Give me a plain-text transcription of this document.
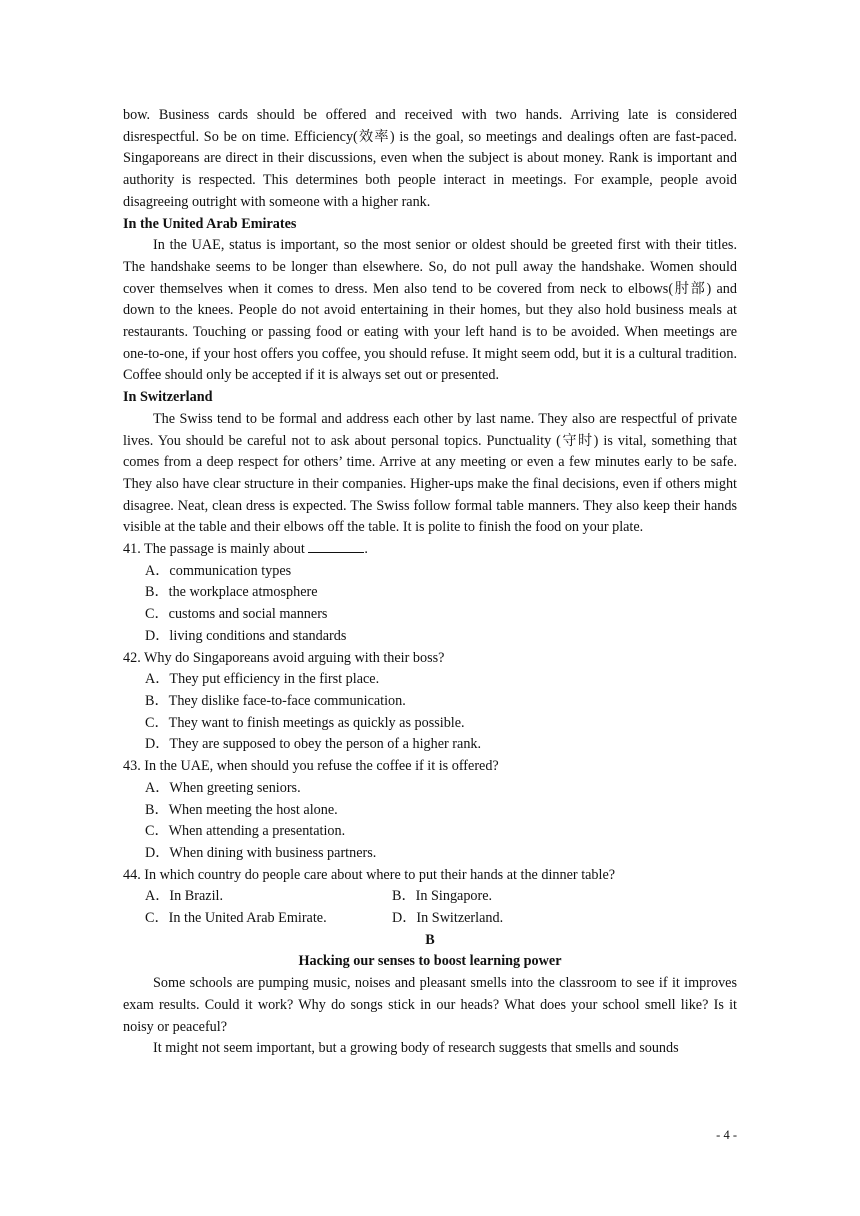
bow. Business cards should be offered and received with two hands. Arriving late is considered disrespectful. So be on time. Efficiency(效率) is the goal, so meetings and dealings often are fast-paced. Singaporeans are direct in their discussions, even when the subject is about money. Rank is important and authority is respected. This determines both people interact in meetings. For example, people avoid disagreeing outright with someone with a higher rank.

In the United Arab Emirates

In the UAE, status is important, so the most senior or oldest should be greeted first with their titles. The handshake seems to be longer than elsewhere. So, do not pull away the handshake. Women should cover themselves when it comes to dress. Men also tend to be covered from neck to elbows(肘部) and down to the knees. People do not avoid entertaining in their homes, but they also hold business meals at restaurants. Touching or passing food or eating with your left hand is to be avoided. When meetings are one-to-one, if your host offers you coffee, you should refuse. It might seem odd, but it is a cultural tradition. Coffee should only be accepted if it is always set out or presented.

In Switzerland

The Swiss tend to be formal and address each other by last name. They also are respectful of private lives. You should be careful not to ask about personal topics. Punctuality (守时) is vital, something that comes from a deep respect for others’ time. Arrive at any meeting or even a few minutes early to be safe. They also have clear structure in their companies. Higher-ups make the final decisions, even if others might disagree. Neat, clean dress is expected. The Swiss follow formal table manners. They also keep their hands visible at the table and their elbows off the table. It is polite to finish the food on your plate.

41. The passage is mainly about	.

A．communication types

B．the workplace atmosphere

C．customs and social manners

D．living conditions and standards

42. Why do Singaporeans avoid arguing with their boss?

A．They put efficiency in the first place.

B．They dislike face-to-face communication.

C．They want to finish meetings as quickly as possible.

D．They are supposed to obey the person of a higher rank.

43. In the UAE, when should you refuse the coffee if it is offered?

A．When greeting seniors.

B．When meeting the host alone.

C．When attending a presentation.

D．When dining with business partners.

44. In which country do people care about where to put their hands at the dinner table?

A．In Brazil.	B．In Singapore.
C．In the United Arab Emirate.	D．In Switzerland.

B

Hacking our senses to boost learning power

Some schools are pumping music, noises and pleasant smells into the classroom to see if it improves exam results. Could it work? Why do songs stick in our heads? What does your school smell like? Is it noisy or peaceful?

It might not seem important, but a growing body of research suggests that smells and sounds

- 4 -
